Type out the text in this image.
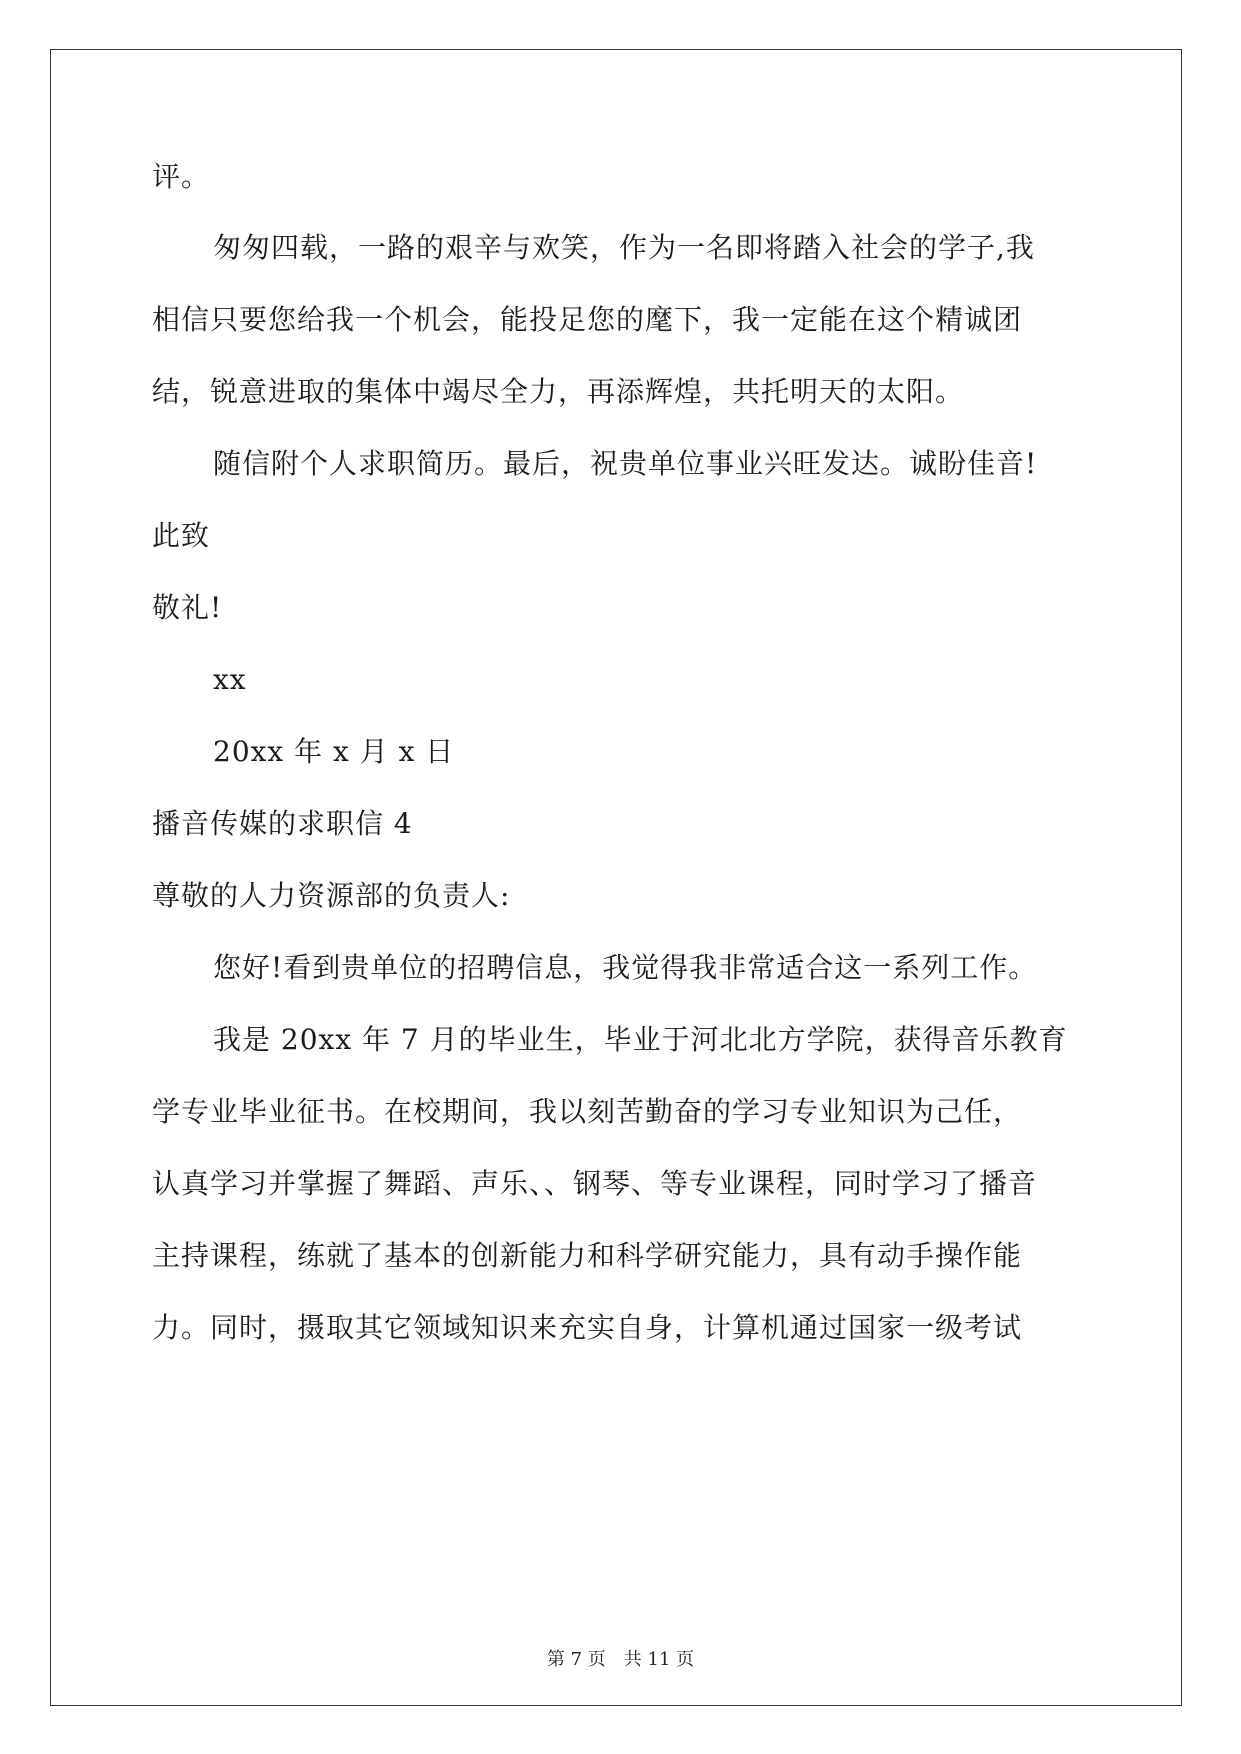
评。
匆匆四载，一路的艰辛与欢笑，作为一名即将踏入社会的学子,我
相信只要您给我一个机会，能投足您的麾下，我一定能在这个精诚团
结，锐意进取的集体中竭尽全力，再添辉煌，共托明天的太阳。
随信附个人求职简历。最后，祝贵单位事业兴旺发达。诚盼佳音!
此致
敬礼!
xx
20xx 年 x 月 x 日
播音传媒的求职信 4
尊敬的人力资源部的负责人:
您好!看到贵单位的招聘信息，我觉得我非常适合这一系列工作。
我是 20xx 年 7 月的毕业生，毕业于河北北方学院，获得音乐教育
学专业毕业征书。在校期间，我以刻苦勤奋的学习专业知识为己任，
认真学习并掌握了舞蹈、声乐、、钢琴、等专业课程，同时学习了播音
主持课程，练就了基本的创新能力和科学研究能力，具有动手操作能
力。同时，摄取其它领域知识来充实自身，计算机通过国家一级考试
第 7 页　共 11 页
